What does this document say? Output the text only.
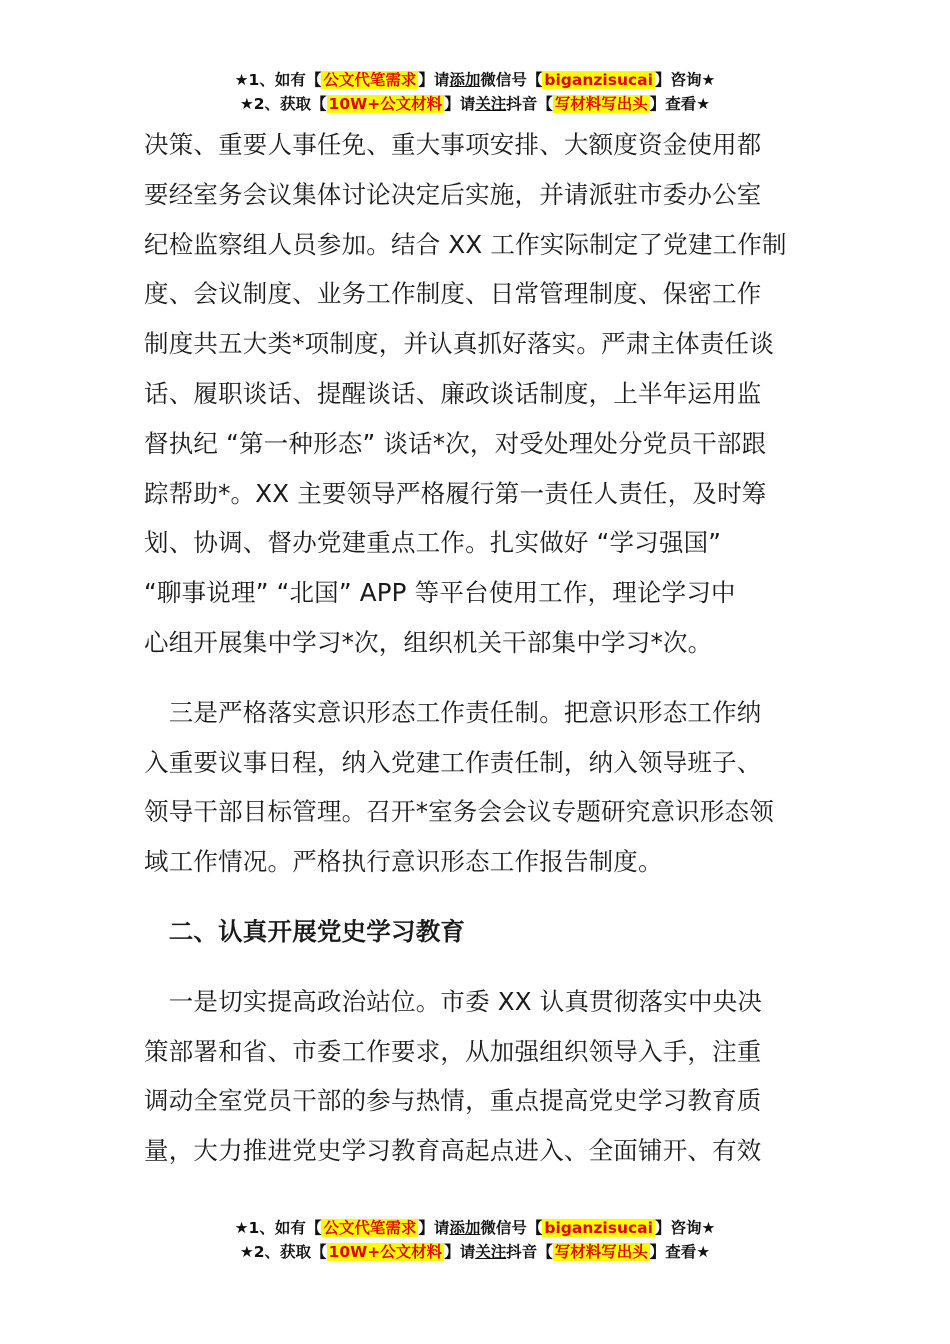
★1、如有【 公文代笔需求 】请添加微信号【 biganzisucai 】咨询★
★2、获取【 10W+公文材料 】请关注抖音【 写材料写出头 】查看★
决策、重要人事任免、重大事项安排、大额度资金使用都
要经室务会议集体讨论决定后实施，并请派驻市委办公室
纪检监察组人员参加。结合 XX 工作实际制定了党建工作制
度、会议制度、业务工作制度、日常管理制度、保密工作
制度共五大类*项制度，并认真抓好落实。严肃主体责任谈
话、履职谈话、提醒谈话、廉政谈话制度，上半年运用监
督执纪 “第一种形态” 谈话*次，对受处理处分党员干部跟
踪帮助*。XX 主要领导严格履行第一责任人责任，及时筹
划、协调、督办党建重点工作。扎实做好 “学习强国”
“聊事说理” “北国” APP 等平台使用工作，理论学习中
心组开展集中学习*次，组织机关干部集中学习*次。
　三是严格落实意识形态工作责任制。把意识形态工作纳
入重要议事日程，纳入党建工作责任制，纳入领导班子、
领导干部目标管理。召开*室务会会议专题研究意识形态领
域工作情况。严格执行意识形态工作报告制度。
　二、认真开展党史学习教育
　一是切实提高政治站位。市委 XX 认真贯彻落实中央决
策部署和省、市委工作要求，从加强组织领导入手，注重
调动全室党员干部的参与热情，重点提高党史学习教育质
量，大力推进党史学习教育高起点进入、全面铺开、有效
★1、如有【 公文代笔需求 】请添加微信号【 biganzisucai 】咨询★
★2、获取【 10W+公文材料 】请关注抖音【 写材料写出头 】查看★
